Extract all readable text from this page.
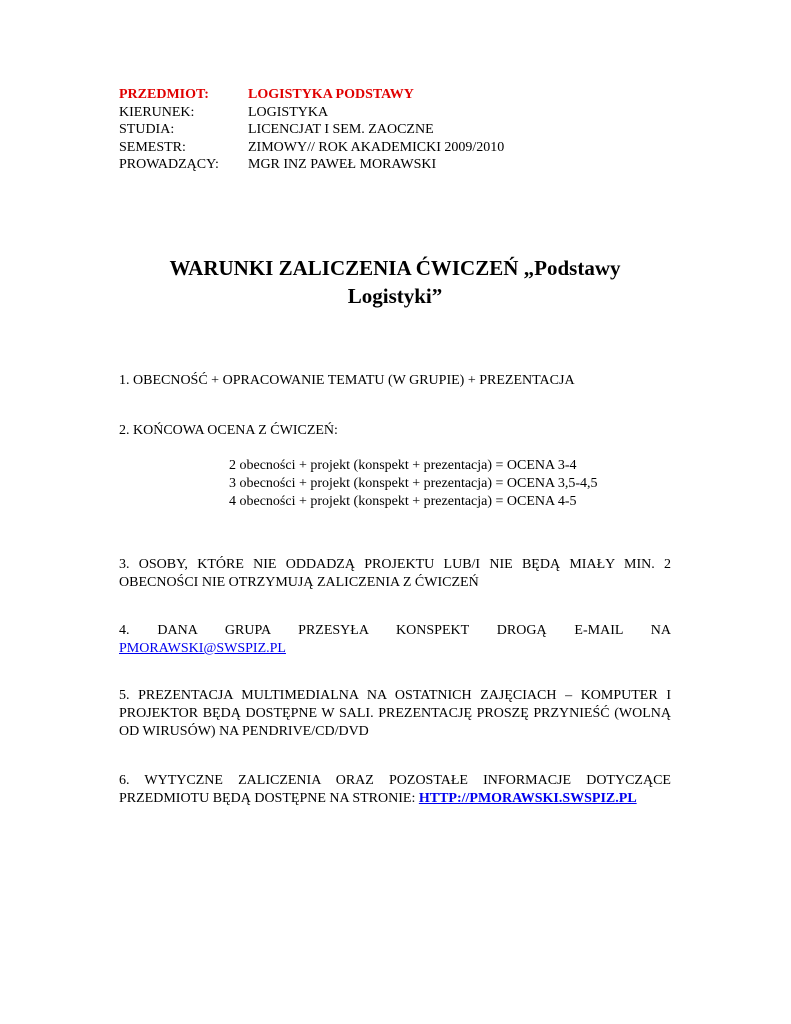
PRZEDMIOT:	LOGISTYKA PODSTAWY
KIERUNEK:	LOGISTYKA
STUDIA:	LICENCJAT I SEM. ZAOCZNE
SEMESTR:	ZIMOWY// ROK AKADEMICKI 2009/2010
PROWADZĄCY:	MGR INZ PAWEŁ MORAWSKI
WARUNKI ZALICZENIA ĆWICZEŃ „Podstawy
Logistyki”
1. OBECNOŚĆ + OPRACOWANIE TEMATU (W GRUPIE) + PREZENTACJA
2. KOŃCOWA OCENA Z ĆWICZEŃ:
2 obecności + projekt (konspekt + prezentacja) = OCENA 3-4
3 obecności + projekt (konspekt + prezentacja) = OCENA 3,5-4,5
4 obecności + projekt (konspekt + prezentacja) = OCENA 4-5
3. OSOBY, KTÓRE NIE ODDADZĄ PROJEKTU LUB/I NIE BĘDĄ MIAŁY MIN. 2 OBECNOŚCI NIE OTRZYMUJĄ ZALICZENIA Z ĆWICZEŃ
4. DANA GRUPA PRZESYŁA KONSPEKT DROGĄ E-MAIL NA
PMORAWSKI@SWSPIZ.PL
5. PREZENTACJA MULTIMEDIALNA NA OSTATNICH ZAJĘCIACH – KOMPUTER I PROJEKTOR BĘDĄ DOSTĘPNE W SALI. PREZENTACJĘ PROSZĘ PRZYNIEŚĆ (WOLNĄ OD WIRUSÓW) NA PENDRIVE/CD/DVD
6. WYTYCZNE ZALICZENIA ORAZ POZOSTAŁE INFORMACJE DOTYCZĄCE PRZEDMIOTU BĘDĄ DOSTĘPNE NA STRONIE: HTTP://PMORAWSKI.SWSPIZ.PL
